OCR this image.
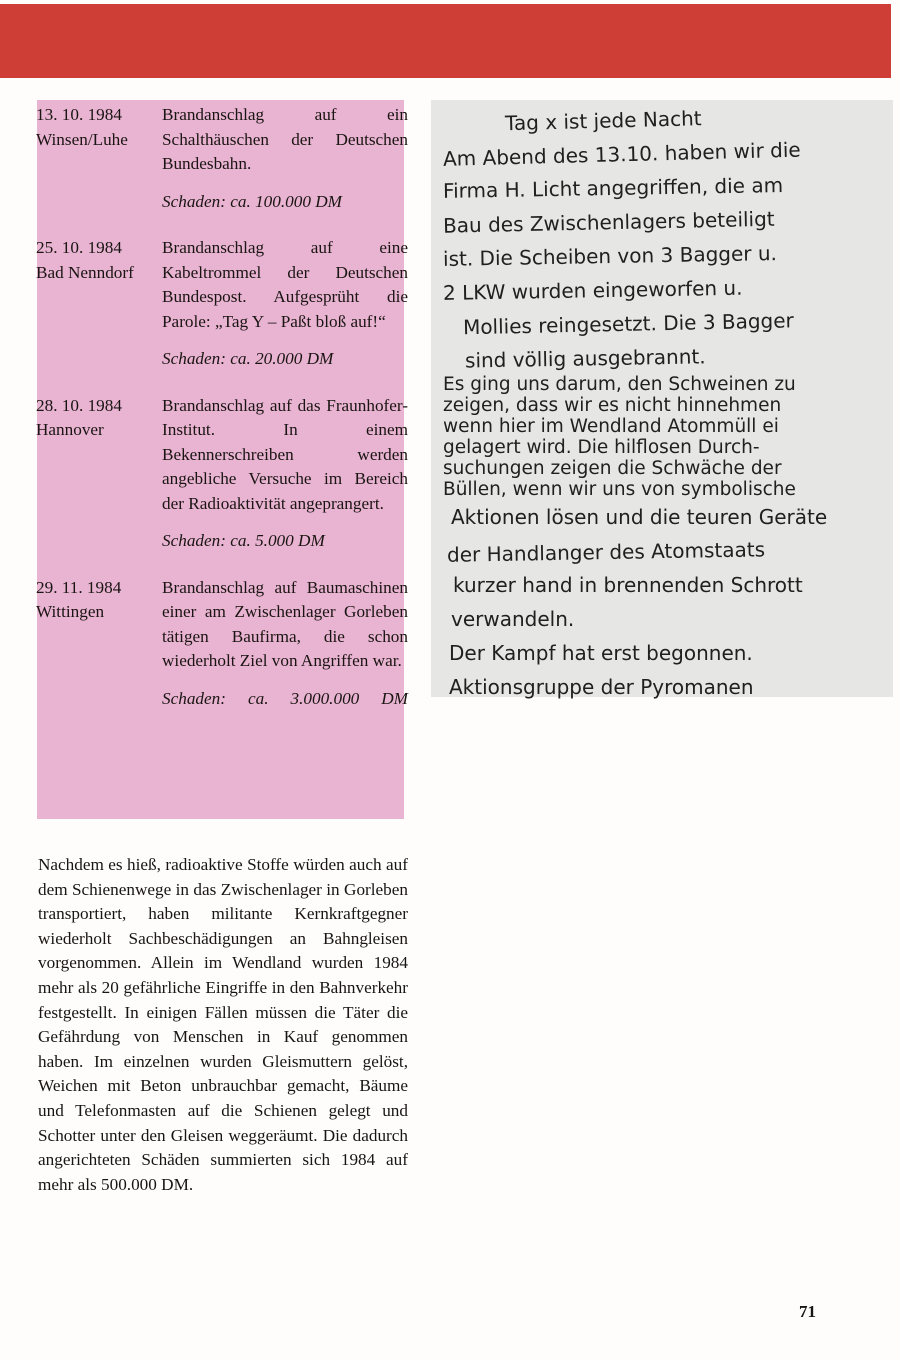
13. 10. 1984
Winsen/Luhe
Brandanschlag auf ein Schalthäuschen der Deutschen Bundesbahn.
Schaden: ca. 100.000 DM
25. 10. 1984
Bad Nenndorf
Brandanschlag auf eine Kabeltrommel der Deutschen Bundespost. Aufgesprüht die Parole: „Tag Y – Paßt bloß auf!“
Schaden: ca. 20.000 DM
28. 10. 1984
Hannover
Brandanschlag auf das Fraunhofer-Institut. In einem Bekennerschreiben werden angebliche Versuche im Bereich der Radioaktivität angeprangert.
Schaden: ca. 5.000 DM
29. 11. 1984
Wittingen
Brandanschlag auf Baumaschinen einer am Zwischenlager Gorleben tätigen Baufirma, die schon wiederholt Ziel von Angriffen war.
Schaden: ca. 3.000.000 DM
Nachdem es hieß, radioaktive Stoffe würden auch auf dem Schienenwege in das Zwischenlager in Gorleben transportiert, haben militante Kernkraftgegner wiederholt Sachbeschädigungen an Bahngleisen vorgenommen. Allein im Wendland wurden 1984 mehr als 20 gefährliche Eingriffe in den Bahnverkehr festgestellt. In einigen Fällen müssen die Täter die Gefährdung von Menschen in Kauf genommen haben. Im einzelnen wurden Gleismuttern gelöst, Weichen mit Beton unbrauchbar gemacht, Bäume und Telefonmasten auf die Schienen gelegt und Schotter unter den Gleisen weggeräumt. Die dadurch angerichteten Schäden summierten sich 1984 auf mehr als 500.000 DM.
Tag x ist jede Nacht
Am Abend des 13.10. haben wir die
Firma H. Licht angegriffen, die am
Bau des Zwischenlagers beteiligt
ist. Die Scheiben von 3 Bagger u.
2 LKW wurden eingeworfen u.
Mollies reingesetzt. Die 3 Bagger
sind völlig ausgebrannt.
Es ging uns darum, den Schweinen zu
zeigen, dass wir es nicht hinnehmen
wenn hier im Wendland Atommüll ei
gelagert wird. Die hilflosen Durch-
suchungen zeigen die Schwäche der
Büllen, wenn wir uns von symbolische
Aktionen lösen und die teuren Geräte
der Handlanger des Atomstaats
kurzer hand in brennenden Schrott
verwandeln.
Der Kampf hat erst begonnen.
Aktionsgruppe der Pyromanen
71
